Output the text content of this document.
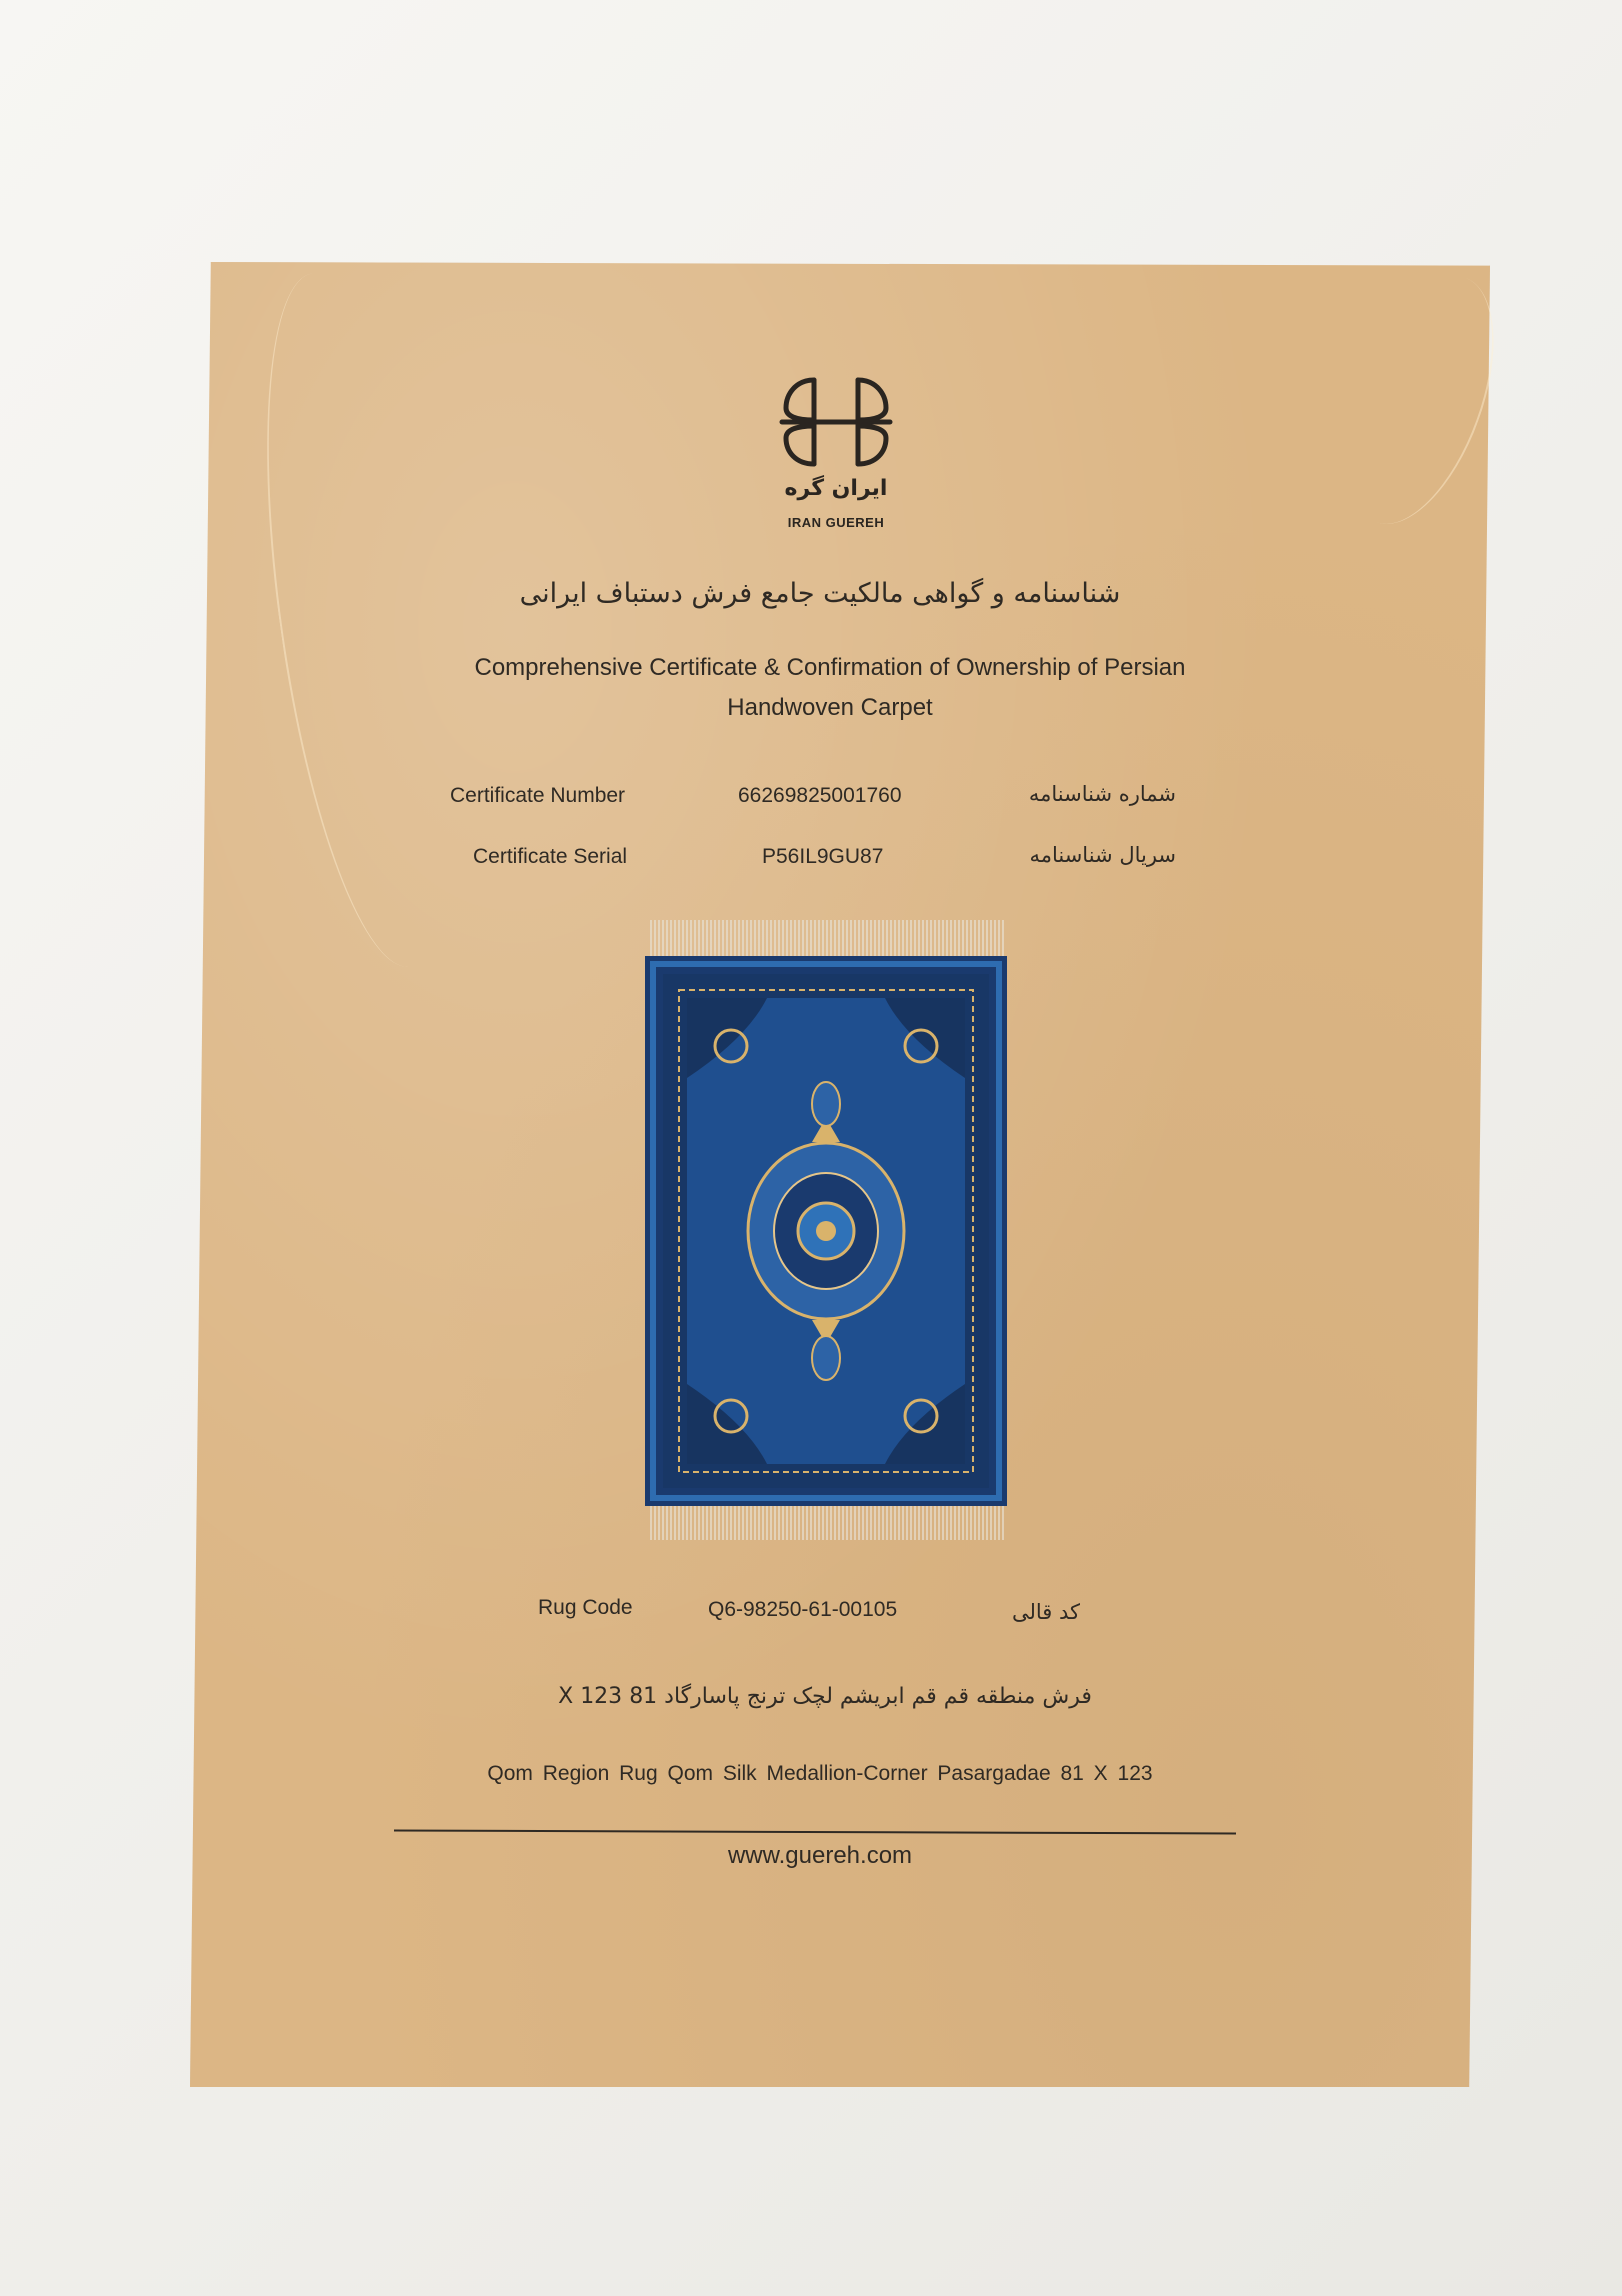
ایران گره
IRAN GUEREH
شناسنامه و گواهی مالکیت جامع فرش دستباف ایرانی
Comprehensive Certificate & Confirmation of Ownership of Persian
Handwoven Carpet
Certificate Number	66269825001760	شماره شناسنامه
Certificate Serial	P56IL9GU87	سریال شناسنامه
Rug Code	Q6-98250-61-00105	کد قالی
فرش منطقه قم قم ابریشم لچک ترنج پاسارگاد 81 X 123
Qom Region Rug Qom Silk Medallion-Corner Pasargadae 81 X 123
www.guereh.com
